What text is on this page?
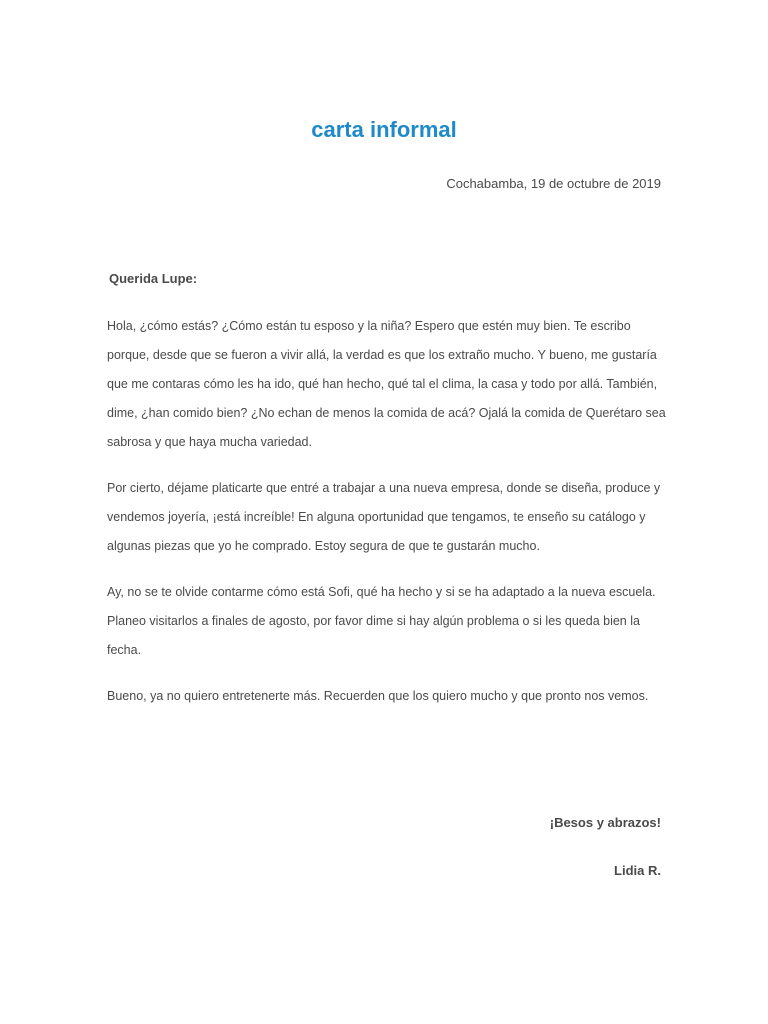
carta informal

Cochabamba, 19 de octubre de 2019

Querida Lupe:

Hola, ¿cómo estás? ¿Cómo están tu esposo y la niña? Espero que estén muy bien. Te escribo porque, desde que se fueron a vivir allá, la verdad es que los extraño mucho. Y bueno, me gustaría que me contaras cómo les ha ido, qué han hecho, qué tal el clima, la casa y todo por allá. También, dime, ¿han comido bien? ¿No echan de menos la comida de acá? Ojalá la comida de Querétaro sea sabrosa y que haya mucha variedad.

Por cierto, déjame platicarte que entré a trabajar a una nueva empresa, donde se diseña, produce y vendemos joyería, ¡está increíble! En alguna oportunidad que tengamos, te enseño su catálogo y algunas piezas que yo he comprado. Estoy segura de que te gustarán mucho.

Ay, no se te olvide contarme cómo está Sofi, qué ha hecho y si se ha adaptado a la nueva escuela. Planeo visitarlos a finales de agosto, por favor dime si hay algún problema o si les queda bien la fecha.

Bueno, ya no quiero entretenerte más. Recuerden que los quiero mucho y que pronto nos vemos.

¡Besos y abrazos!

Lidia R.
